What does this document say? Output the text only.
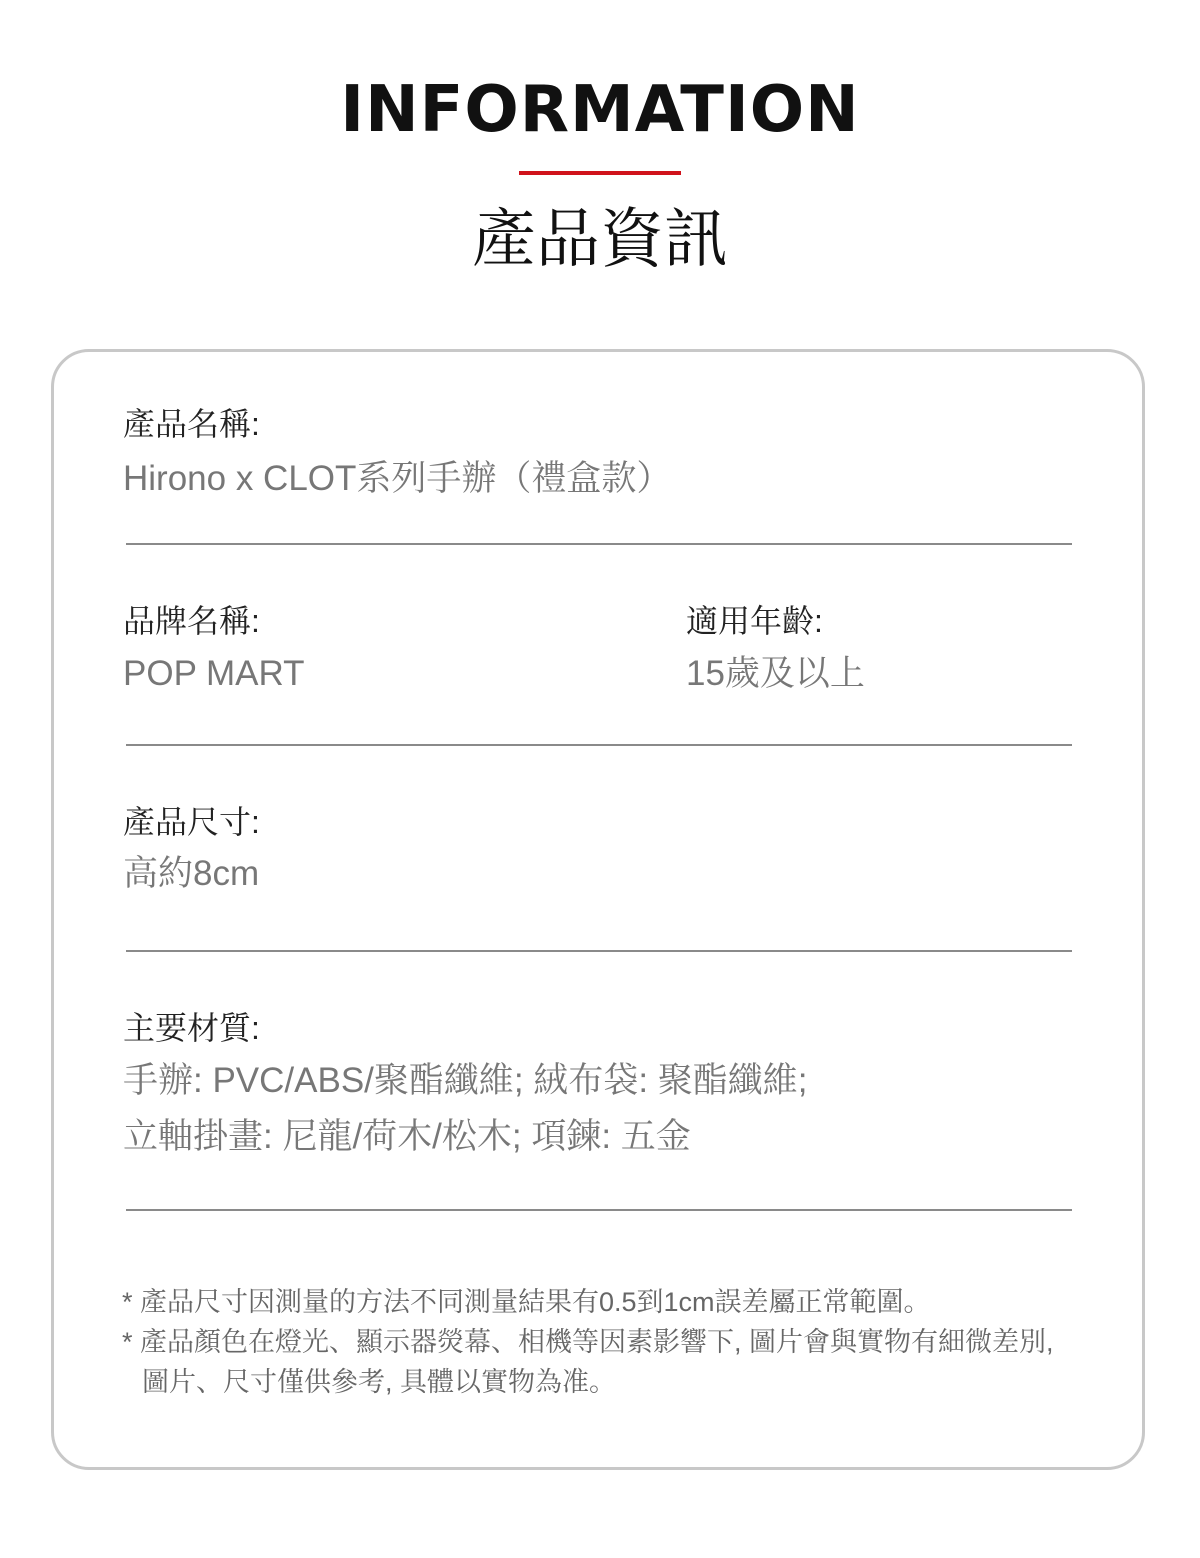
INFORMATION
產品資訊
產品名稱:
Hirono x CLOT系列手辦（禮盒款）
品牌名稱:
POP MART
適用年齡:
15歲及以上
產品尺寸:
高約8cm
主要材質:
手辦: PVC/ABS/聚酯纖維; 絨布袋: 聚酯纖維;
立軸掛畫: 尼龍/荷木/松木; 項鍊: 五金
* 產品尺寸因測量的方法不同測量結果有0.5到1cm誤差屬正常範圍。
* 產品顏色在燈光、顯示器熒幕、相機等因素影響下, 圖片會與實物有細微差別,
圖片、尺寸僅供參考, 具體以實物為准。
